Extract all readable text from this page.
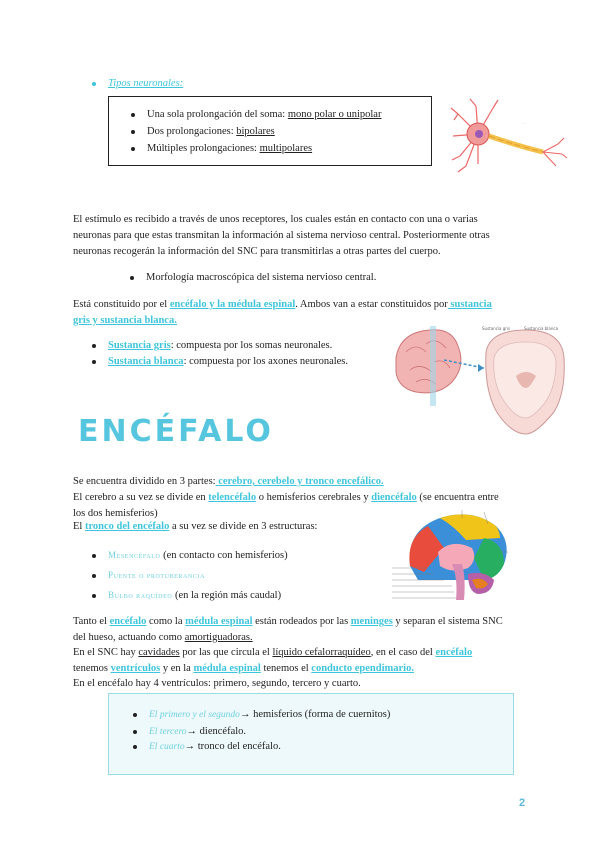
Tipos neuronales:
Una sola prolongación del soma: mono polar o unipolar
Dos prolongaciones: bipolares
Múltiples prolongaciones: multipolares
...
El estímulo es recibido a través de unos receptores, los cuales están en contacto con una o varias
neuronas para que estas transmitan la información al sistema nervioso central. Posteriormente otras
neuronas recogerán la información del SNC para transmitirlas a otras partes del cuerpo.
Morfología macroscópica del sistema nervioso central.
Está constituido por el encéfalo y la médula espinal. Ambos van a estar constituidos por sustancia
gris y sustancia blanca.
Sustancia gris: compuesta por los somas neuronales.
Sustancia blanca: compuesta por los axones neuronales.
Sustancia gris	Sustancia blanca
ENCÉFALO
Se encuentra dividido en 3 partes: cerebro, cerebelo y tronco encefálico.
El cerebro a su vez se divide en telencéfalo o hemisferios cerebrales y diencéfalo (se encuentra entre
los dos hemisferios)
El tronco del encéfalo a su vez se divide en 3 estructuras:
Mesencéfalo (en contacto con hemisferios)
Puente o protuberancia
Bulbo raquídeo (en la región más caudal)
Tanto el encéfalo como la médula espinal están rodeados por las meninges y separan el sistema SNC
del hueso, actuando como amortiguadoras.
En el SNC hay cavidades por las que circula el líquido cefalorraquídeo, en el caso del encéfalo
tenemos ventrículos y en la médula espinal tenemos el conducto ependimario.
En el encéfalo hay 4 ventrículos: primero, segundo, tercero y cuarto.
El primero y el segundo→ hemisferios (forma de cuernitos)
El tercero→ diencéfalo.
El cuarto→ tronco del encéfalo.
2
